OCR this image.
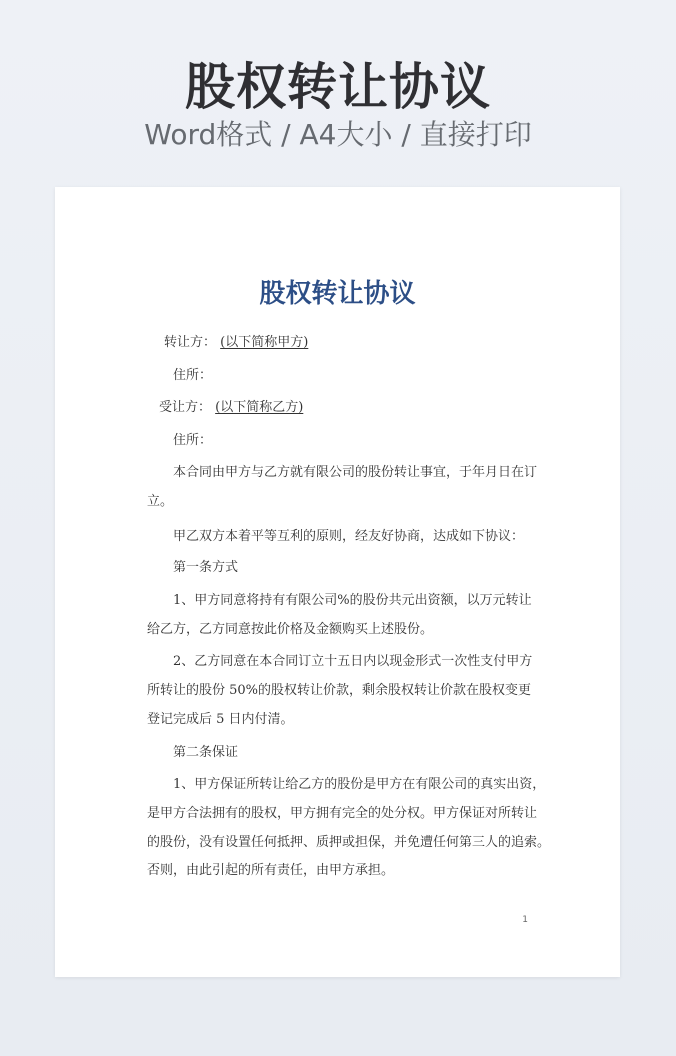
股权转让协议
Word格式 / A4大小 / 直接打印
股权转让协议
转让方： (以下简称甲方)
住所：
受让方： (以下简称乙方)
住所：
本合同由甲方与乙方就有限公司的股份转让事宜，于年月日在订
立。
甲乙双方本着平等互利的原则，经友好协商，达成如下协议：
第一条方式
1、甲方同意将持有有限公司%的股份共元出资额，以万元转让
给乙方，乙方同意按此价格及金额购买上述股份。
2、乙方同意在本合同订立十五日内以现金形式一次性支付甲方
所转让的股份 50%的股权转让价款，剩余股权转让价款在股权变更
登记完成后 5 日内付清。
第二条保证
1、甲方保证所转让给乙方的股份是甲方在有限公司的真实出资，
是甲方合法拥有的股权，甲方拥有完全的处分权。甲方保证对所转让
的股份，没有设置任何抵押、质押或担保，并免遭任何第三人的追索。
否则，由此引起的所有责任，由甲方承担。
1
